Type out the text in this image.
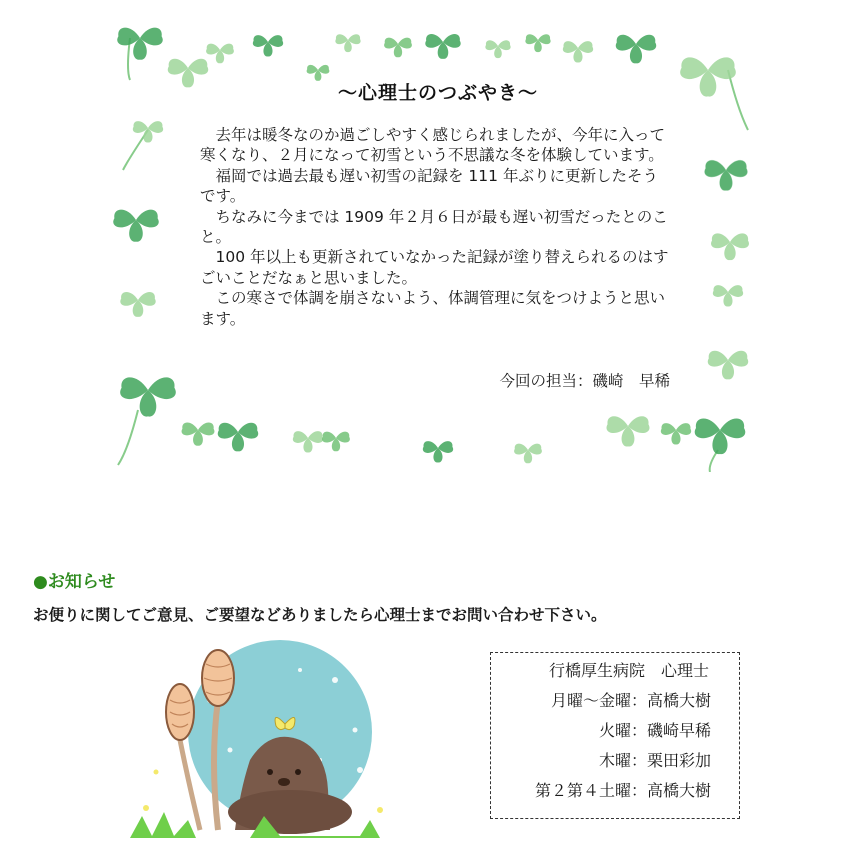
～心理士のつぶやき～

去年は暖冬なのか過ごしやすく感じられましたが、今年に入って寒くなり、２月になって初雪という不思議な冬を体験しています。

福岡では過去最も遅い初雪の記録を 111 年ぶりに更新したそうです。

ちなみに今までは 1909 年２月６日が最も遅い初雪だったとのこと。

100 年以上も更新されていなかった記録が塗り替えられるのはすごいことだなぁと思いました。

この寒さで体調を崩さないよう、体調管理に気をつけようと思います。

今回の担当：磯崎　早稀
●お知らせ
お便りに関してご意見、ご要望などありましたら心理士までお問い合わせ下さい。
行橋厚生病院　心理士
月曜～金曜：高橋大樹
火曜：磯崎早稀
木曜：栗田彩加
第２第４土曜：高橋大樹
